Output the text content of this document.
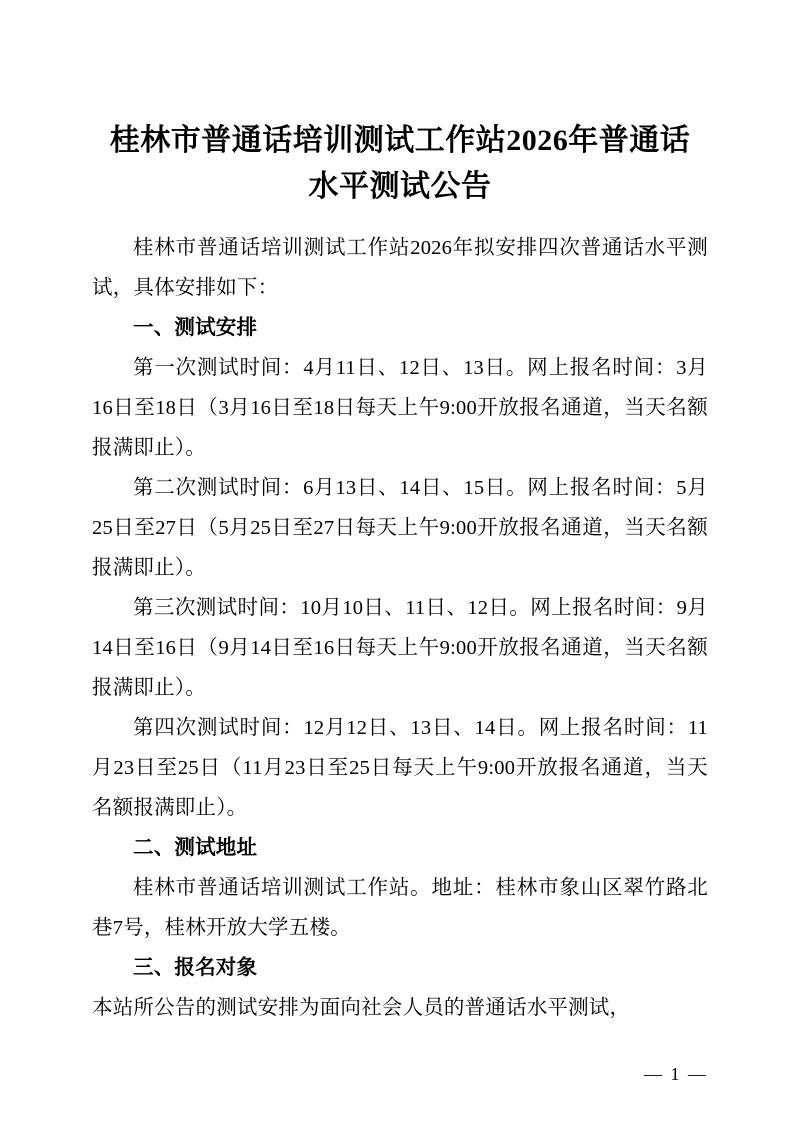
桂林市普通话培训测试工作站2026年普通话水平测试公告

桂林市普通话培训测试工作站2026年拟安排四次普通话水平测试，具体安排如下：

一、测试安排

第一次测试时间：4月11日、12日、13日。网上报名时间：3月16日至18日（3月16日至18日每天上午9:00开放报名通道，当天名额报满即止）。

第二次测试时间：6月13日、14日、15日。网上报名时间：5月25日至27日（5月25日至27日每天上午9:00开放报名通道，当天名额报满即止）。

第三次测试时间：10月10日、11日、12日。网上报名时间：9月14日至16日（9月14日至16日每天上午9:00开放报名通道，当天名额报满即止）。

第四次测试时间：12月12日、13日、14日。网上报名时间：11月23日至25日（11月23日至25日每天上午9:00开放报名通道，当天名额报满即止）。

二、测试地址

桂林市普通话培训测试工作站。地址：桂林市象山区翠竹路北巷7号，桂林开放大学五楼。

三、报名对象

本站所公告的测试安排为面向社会人员的普通话水平测试，

— 1 —
